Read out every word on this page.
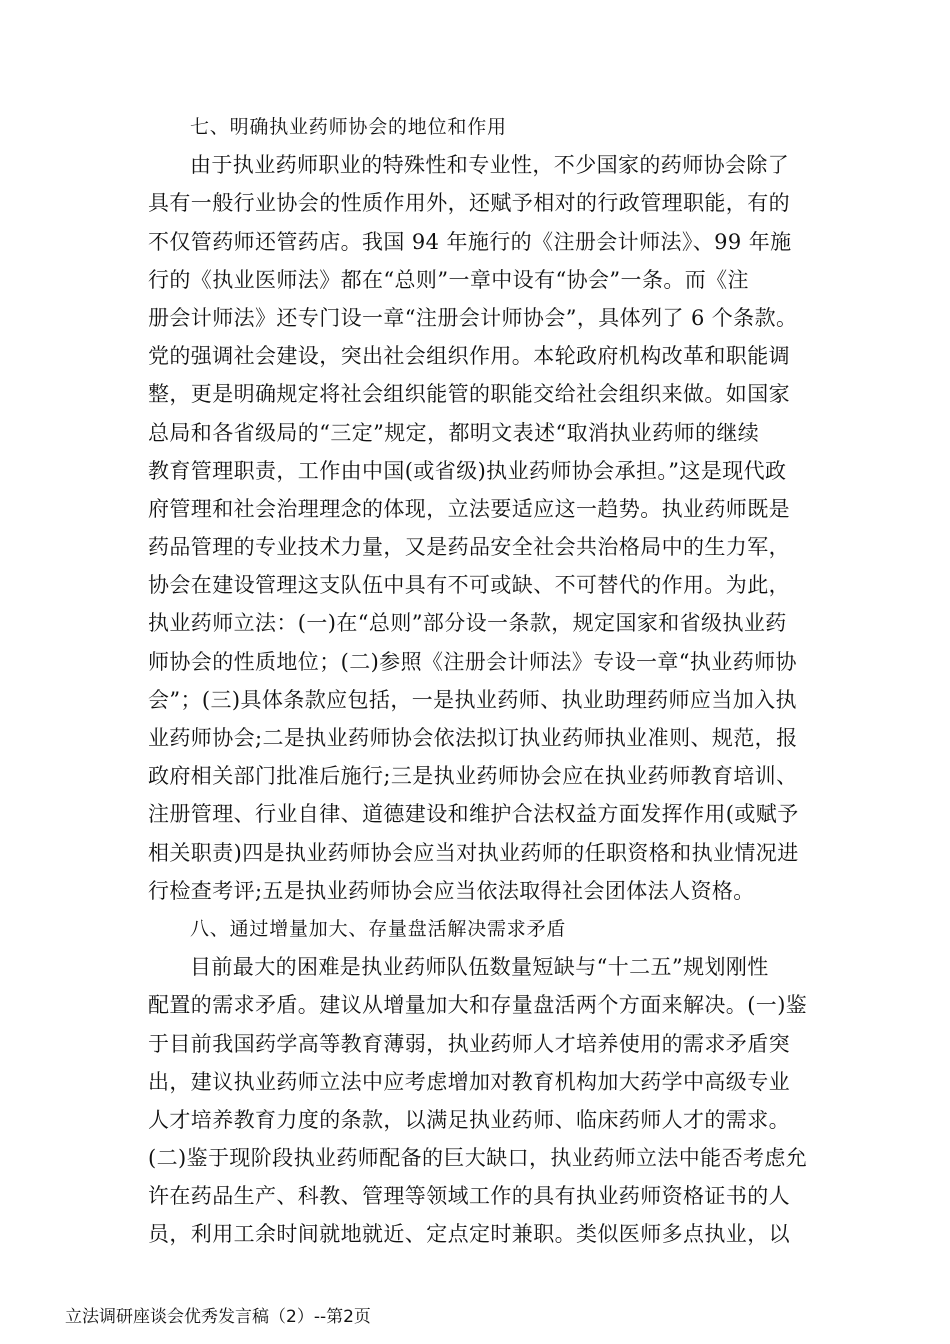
七、明确执业药师协会的地位和作用
由于执业药师职业的特殊性和专业性，不少国家的药师协会除了
具有一般行业协会的性质作用外，还赋予相对的行政管理职能，有的
不仅管药师还管药店。我国 94 年施行的《注册会计师法》、99 年施
行的《执业医师法》都在“总则”一章中设有“协会”一条。而《注
册会计师法》还专门设一章“注册会计师协会”，具体列了 6 个条款。
党的强调社会建设，突出社会组织作用。本轮政府机构改革和职能调
整，更是明确规定将社会组织能管的职能交给社会组织来做。如国家
总局和各省级局的“三定”规定，都明文表述“取消执业药师的继续
教育管理职责，工作由中国(或省级)执业药师协会承担。”这是现代政
府管理和社会治理理念的体现，立法要适应这一趋势。执业药师既是
药品管理的专业技术力量，又是药品安全社会共治格局中的生力军，
协会在建设管理这支队伍中具有不可或缺、不可替代的作用。为此，
执业药师立法：(一)在“总则”部分设一条款，规定国家和省级执业药
师协会的性质地位；(二)参照《注册会计师法》专设一章“执业药师协
会”；(三)具体条款应包括，一是执业药师、执业助理药师应当加入执
业药师协会;二是执业药师协会依法拟订执业药师执业准则、规范，报
政府相关部门批准后施行;三是执业药师协会应在执业药师教育培训、
注册管理、行业自律、道德建设和维护合法权益方面发挥作用(或赋予
相关职责)四是执业药师协会应当对执业药师的任职资格和执业情况进
行检查考评;五是执业药师协会应当依法取得社会团体法人资格。
八、通过增量加大、存量盘活解决需求矛盾
目前最大的困难是执业药师队伍数量短缺与“十二五”规划刚性
配置的需求矛盾。建议从增量加大和存量盘活两个方面来解决。(一)鉴
于目前我国药学高等教育薄弱，执业药师人才培养使用的需求矛盾突
出，建议执业药师立法中应考虑增加对教育机构加大药学中高级专业
人才培养教育力度的条款，以满足执业药师、临床药师人才的需求。
(二)鉴于现阶段执业药师配备的巨大缺口，执业药师立法中能否考虑允
许在药品生产、科教、管理等领域工作的具有执业药师资格证书的人
员，利用工余时间就地就近、定点定时兼职。类似医师多点执业，以
立法调研座谈会优秀发言稿（2）--第2页
